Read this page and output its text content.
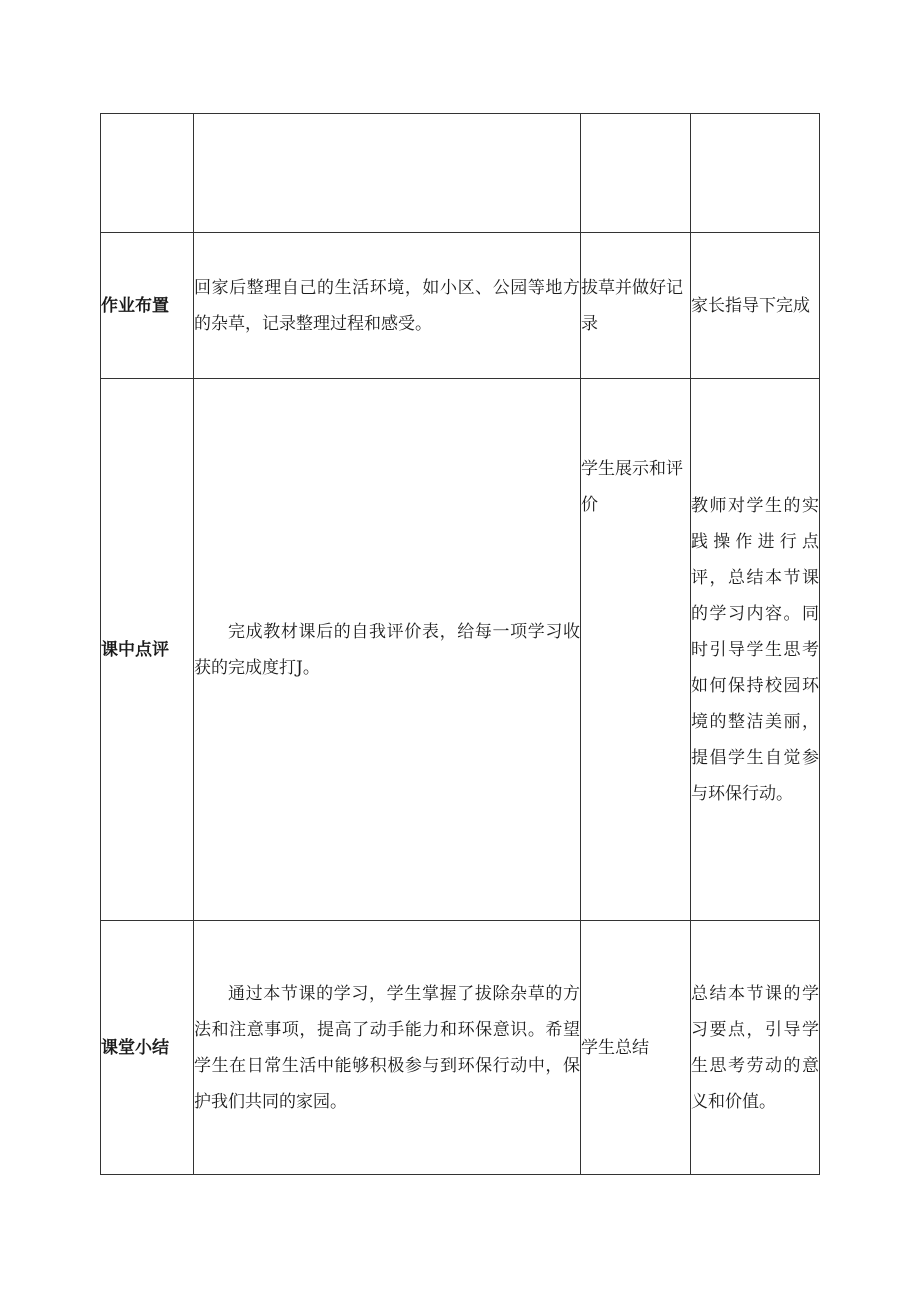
作业布置	回家后整理自己的生活环境，如小区、公园等地方的杂草，记录整理过程和感受。	拔草并做好记录	家长指导下完成
课中点评	完成教材课后的自我评价表，给每一项学习收获的完成度打J。	学生展示和评价	教师对学生的实践操作进行点评，总结本节课的学习内容。同时引导学生思考如何保持校园环境的整洁美丽，提倡学生自觉参与环保行动。
课堂小结	通过本节课的学习，学生掌握了拔除杂草的方法和注意事项，提高了动手能力和环保意识。希望学生在日常生活中能够积极参与到环保行动中，保护我们共同的家园。	学生总结	总结本节课的学习要点，引导学生思考劳动的意义和价值。
